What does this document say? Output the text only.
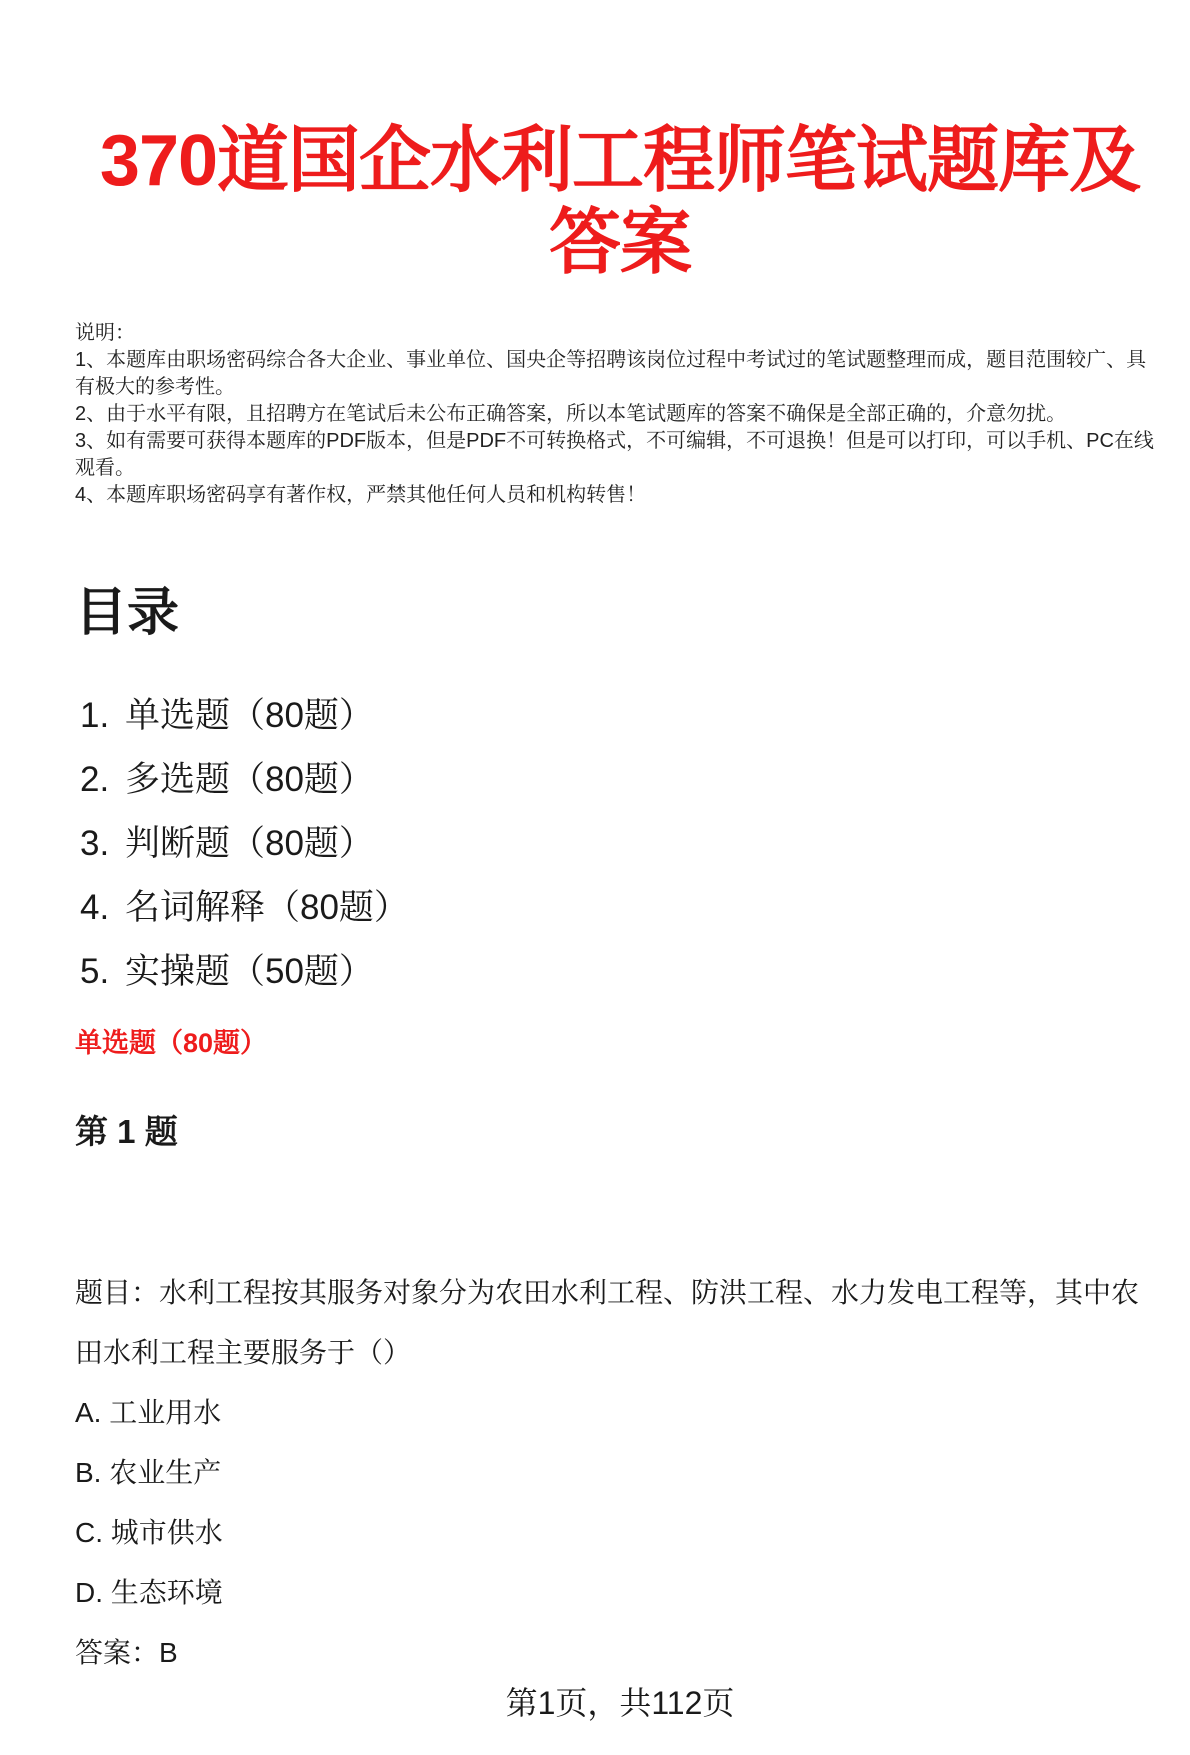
370道国企水利工程师笔试题库及答案

说明：

1、本题库由职场密码综合各大企业、事业单位、国央企等招聘该岗位过程中考试过的笔试题整理而成，题目范围较广、具有极大的参考性。

2、由于水平有限，且招聘方在笔试后未公布正确答案，所以本笔试题库的答案不确保是全部正确的，介意勿扰。

3、如有需要可获得本题库的PDF版本，但是PDF不可转换格式，不可编辑，不可退换！但是可以打印，可以手机、PC在线观看。

4、本题库职场密码享有著作权，严禁其他任何人员和机构转售！

目录
1. 单选题（80题）
2. 多选题（80题）
3. 判断题（80题）
4. 名词解释（80题）
5. 实操题（50题）
单选题（80题）
第 1 题

题目：水利工程按其服务对象分为农田水利工程、防洪工程、水力发电工程等，其中农田水利工程主要服务于（）

A. 工业用水

B. 农业生产

C. 城市供水

D. 生态环境

答案：B

第1页，共112页
